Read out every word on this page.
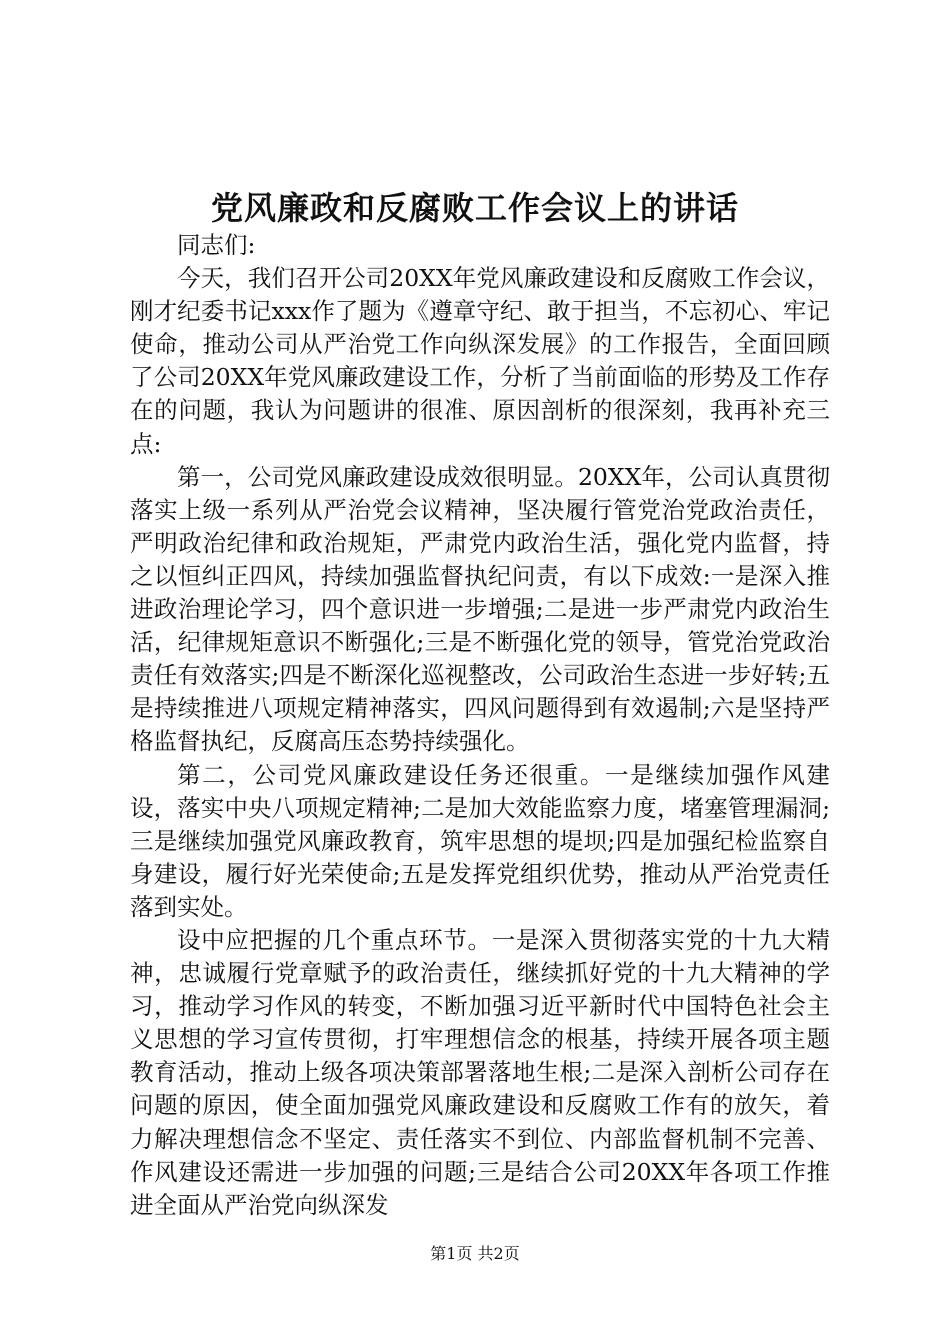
党风廉政和反腐败工作会议上的讲话

同志们:

今天，我们召开公司20XX年党风廉政建设和反腐败工作会议，刚才纪委书记xxx作了题为《遵章守纪、敢于担当，不忘初心、牢记使命，推动公司从严治党工作向纵深发展》的工作报告，全面回顾了公司20XX年党风廉政建设工作，分析了当前面临的形势及工作存在的问题，我认为问题讲的很准、原因剖析的很深刻，我再补充三点:

第一，公司党风廉政建设成效很明显。20XX年，公司认真贯彻落实上级一系列从严治党会议精神，坚决履行管党治党政治责任，严明政治纪律和政治规矩，严肃党内政治生活，强化党内监督，持之以恒纠正四风，持续加强监督执纪问责，有以下成效:一是深入推进政治理论学习，四个意识进一步增强;二是进一步严肃党内政治生活，纪律规矩意识不断强化;三是不断强化党的领导，管党治党政治责任有效落实;四是不断深化巡视整改，公司政治生态进一步好转;五是持续推进八项规定精神落实，四风问题得到有效遏制;六是坚持严格监督执纪，反腐高压态势持续强化。

第二，公司党风廉政建设任务还很重。一是继续加强作风建设，落实中央八项规定精神;二是加大效能监察力度，堵塞管理漏洞;三是继续加强党风廉政教育，筑牢思想的堤坝;四是加强纪检监察自身建设，履行好光荣使命;五是发挥党组织优势，推动从严治党责任落到实处。

设中应把握的几个重点环节。一是深入贯彻落实党的十九大精神，忠诚履行党章赋予的政治责任，继续抓好党的十九大精神的学习，推动学习作风的转变，不断加强习近平新时代中国特色社会主义思想的学习宣传贯彻，打牢理想信念的根基，持续开展各项主题教育活动，推动上级各项决策部署落地生根;二是深入剖析公司存在问题的原因，使全面加强党风廉政建设和反腐败工作有的放矢，着力解决理想信念不坚定、责任落实不到位、内部监督机制不完善、作风建设还需进一步加强的问题;三是结合公司20XX年各项工作推进全面从严治党向纵深发

第1页 共2页
